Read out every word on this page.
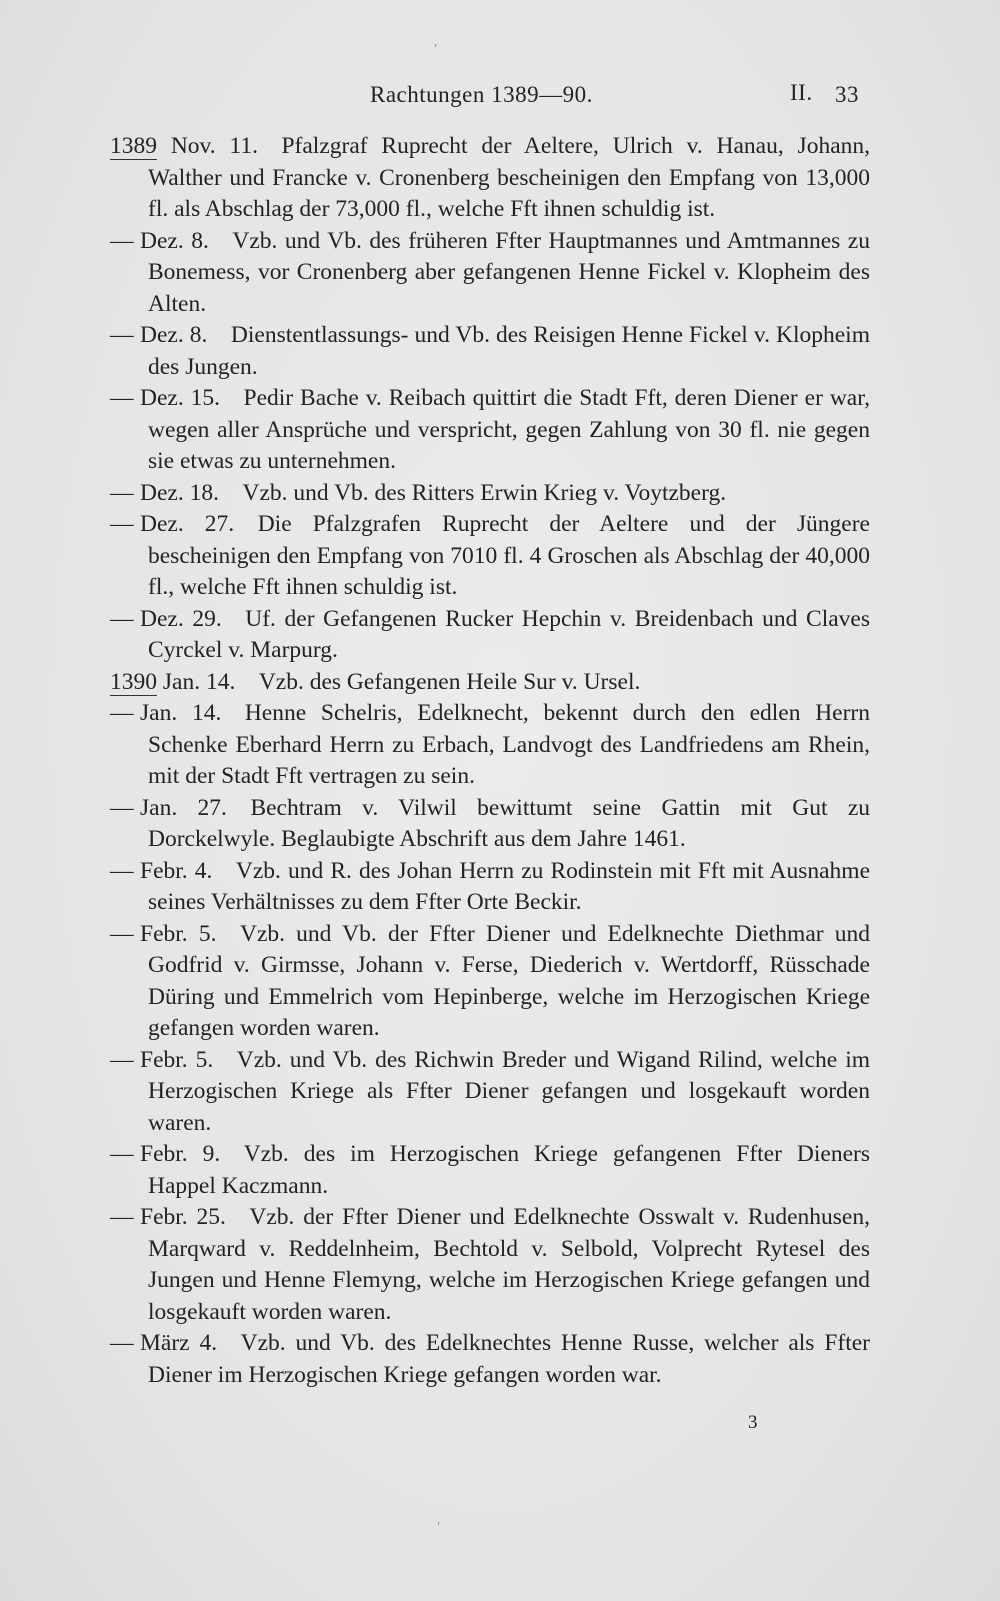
Rachtungen 1389—90.	II. 33
1389 Nov. 11.  Pfalzgraf Ruprecht der Aeltere, Ulrich v. Hanau, Johann, Walther und Francke v. Cronenberg bescheinigen den Empfang von 13,000 fl. als Abschlag der 73,000 fl., welche Fft ihnen schuldig ist.
— Dez. 8.  Vzb. und Vb. des früheren Ffter Hauptmannes und Amtmannes zu Bonemess, vor Cronenberg aber gefangenen Henne Fickel v. Klopheim des Alten.
— Dez. 8.  Dienstentlassungs- und Vb. des Reisigen Henne Fickel v. Klopheim des Jungen.
— Dez. 15.  Pedir Bache v. Reibach quittirt die Stadt Fft, deren Diener er war, wegen aller Ansprüche und verspricht, gegen Zahlung von 30 fl. nie gegen sie etwas zu unternehmen.
— Dez. 18.  Vzb. und Vb. des Ritters Erwin Krieg v. Voytzberg.
— Dez. 27.  Die Pfalzgrafen Ruprecht der Aeltere und der Jüngere bescheinigen den Empfang von 7010 fl. 4 Groschen als Abschlag der 40,000 fl., welche Fft ihnen schuldig ist.
— Dez. 29.  Uf. der Gefangenen Rucker Hepchin v. Breidenbach und Claves Cyrckel v. Marpurg.
1390 Jan. 14.  Vzb. des Gefangenen Heile Sur v. Ursel.
— Jan. 14.  Henne Schelris, Edelknecht, bekennt durch den edlen Herrn Schenke Eberhard Herrn zu Erbach, Landvogt des Landfriedens am Rhein, mit der Stadt Fft vertragen zu sein.
— Jan. 27.  Bechtram v. Vilwil bewittumt seine Gattin mit Gut zu Dorckelwyle. Beglaubigte Abschrift aus dem Jahre 1461.
— Febr. 4.  Vzb. und R. des Johan Herrn zu Rodinstein mit Fft mit Ausnahme seines Verhältnisses zu dem Ffter Orte Beckir.
— Febr. 5.  Vzb. und Vb. der Ffter Diener und Edelknechte Diethmar und Godfrid v. Girmsse, Johann v. Ferse, Diederich v. Wertdorff, Rüsschade Düring und Emmelrich vom Hepinberge, welche im Herzogischen Kriege gefangen worden waren.
— Febr. 5.  Vzb. und Vb. des Richwin Breder und Wigand Rilind, welche im Herzogischen Kriege als Ffter Diener gefangen und losgekauft worden waren.
— Febr. 9.  Vzb. des im Herzogischen Kriege gefangenen Ffter Dieners Happel Kaczmann.
— Febr. 25.  Vzb. der Ffter Diener und Edelknechte Osswalt v. Rudenhusen, Marqward v. Reddelnheim, Bechtold v. Selbold, Volprecht Rytesel des Jungen und Henne Flemyng, welche im Herzogischen Kriege gefangen und losgekauft worden waren.
— März 4.  Vzb. und Vb. des Edelknechtes Henne Russe, welcher als Ffter Diener im Herzogischen Kriege gefangen worden war.
3
ˌ
ˌ
